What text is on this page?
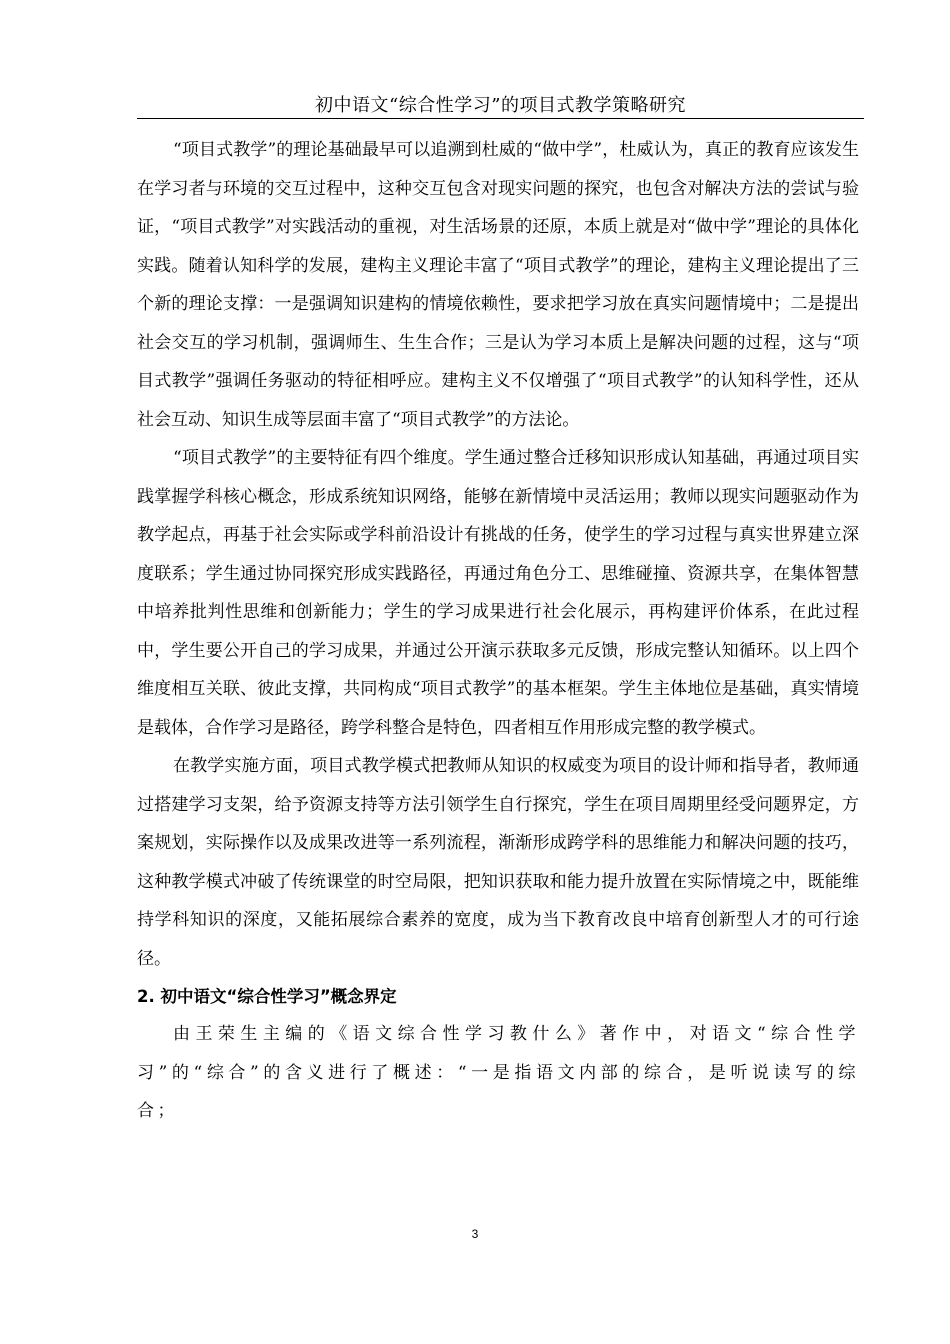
初中语文“综合性学习”的项目式教学策略研究

“项目式教学”的理论基础最早可以追溯到杜威的“做中学”，杜威认为，真正的教育应该发生在学习者与环境的交互过程中，这种交互包含对现实问题的探究，也包含对解决方法的尝试与验证，“项目式教学”对实践活动的重视，对生活场景的还原，本质上就是对“做中学”理论的具体化实践。随着认知科学的发展，建构主义理论丰富了“项目式教学”的理论，建构主义理论提出了三个新的理论支撑：一是强调知识建构的情境依赖性，要求把学习放在真实问题情境中；二是提出社会交互的学习机制，强调师生、生生合作；三是认为学习本质上是解决问题的过程，这与“项目式教学”强调任务驱动的特征相呼应。建构主义不仅增强了“项目式教学”的认知科学性，还从社会互动、知识生成等层面丰富了“项目式教学”的方法论。

“项目式教学”的主要特征有四个维度。学生通过整合迁移知识形成认知基础，再通过项目实践掌握学科核心概念，形成系统知识网络，能够在新情境中灵活运用；教师以现实问题驱动作为教学起点，再基于社会实际或学科前沿设计有挑战的任务，使学生的学习过程与真实世界建立深度联系；学生通过协同探究形成实践路径，再通过角色分工、思维碰撞、资源共享，在集体智慧中培养批判性思维和创新能力；学生的学习成果进行社会化展示，再构建评价体系，在此过程中，学生要公开自己的学习成果，并通过公开演示获取多元反馈，形成完整认知循环。以上四个维度相互关联、彼此支撑，共同构成“项目式教学”的基本框架。学生主体地位是基础，真实情境是载体，合作学习是路径，跨学科整合是特色，四者相互作用形成完整的教学模式。

在教学实施方面，项目式教学模式把教师从知识的权威变为项目的设计师和指导者，教师通过搭建学习支架，给予资源支持等方法引领学生自行探究，学生在项目周期里经受问题界定，方案规划，实际操作以及成果改进等一系列流程，渐渐形成跨学科的思维能力和解决问题的技巧，这种教学模式冲破了传统课堂的时空局限，把知识获取和能力提升放置在实际情境之中，既能维持学科知识的深度，又能拓展综合素养的宽度，成为当下教育改良中培育创新型人才的可行途径。

2. 初中语文“综合性学习”概念界定

由王荣生主编的《语文综合性学习教什么》著作中，对语文“综合性学习”的“综合”的含义进行了概述：“一是指语文内部的综合，是听说读写的综合；

3
